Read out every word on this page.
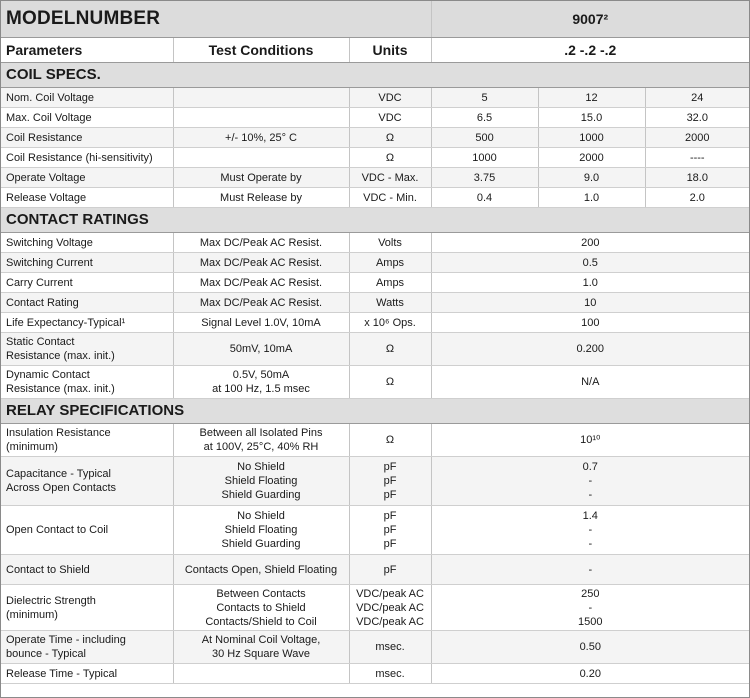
MODELNUMBER			9007²		
Parameters	Test Conditions	Units	.2 -.2 -.2		
COIL SPECS.					

Nom. Coil Voltage		VDC	5	12	24

Max. Coil Voltage		VDC	6.5	15.0	32.0

Coil Resistance	+/- 10%, 25° C	Ω	500	1000	2000

Coil Resistance (hi-sensitivity)		Ω	1000	2000	----

Operate Voltage	Must Operate by	VDC - Max.	3.75	9.0	18.0

Release Voltage	Must Release by	VDC - Min.	0.4	1.0	2.0

CONTACT RATINGS					

Switching Voltage	Max DC/Peak AC Resist.	Volts	200		

Switching Current	Max DC/Peak AC Resist.	Amps	0.5		

Carry Current	Max DC/Peak AC Resist.	Amps	1.0		

Contact Rating	Max DC/Peak AC Resist.	Watts	10		

Life Expectancy-Typical¹	Signal Level 1.0V, 10mA	x 10⁶ Ops.	100		

Static Contact
Resistance (max. init.)	50mV, 10mA	Ω	0.200		

Dynamic Contact
Resistance (max. init.)	0.5V, 50mA
at 100 Hz, 1.5 msec	Ω	N/A		

RELAY SPECIFICATIONS					

Insulation Resistance
(minimum)	Between all Isolated Pins
at 100V, 25°C, 40% RH	Ω	10¹⁰		

Capacitance - Typical
Across Open Contacts	No Shield
Shield Floating
Shield Guarding	pF
pF
pF	0.7
-
-		

Open Contact to Coil	No Shield
Shield Floating
Shield Guarding	pF
pF
pF	1.4
-
-		

Contact to Shield	Contacts Open, Shield Floating	pF	-		

Dielectric Strength
(minimum)	Between Contacts
Contacts to Shield
Contacts/Shield to Coil	VDC/peak AC
VDC/peak AC
VDC/peak AC	250
-
1500		

Operate Time - including
bounce - Typical	At Nominal Coil Voltage,
30 Hz Square Wave	msec.	0.50		

Release Time - Typical		msec.	0.20		
